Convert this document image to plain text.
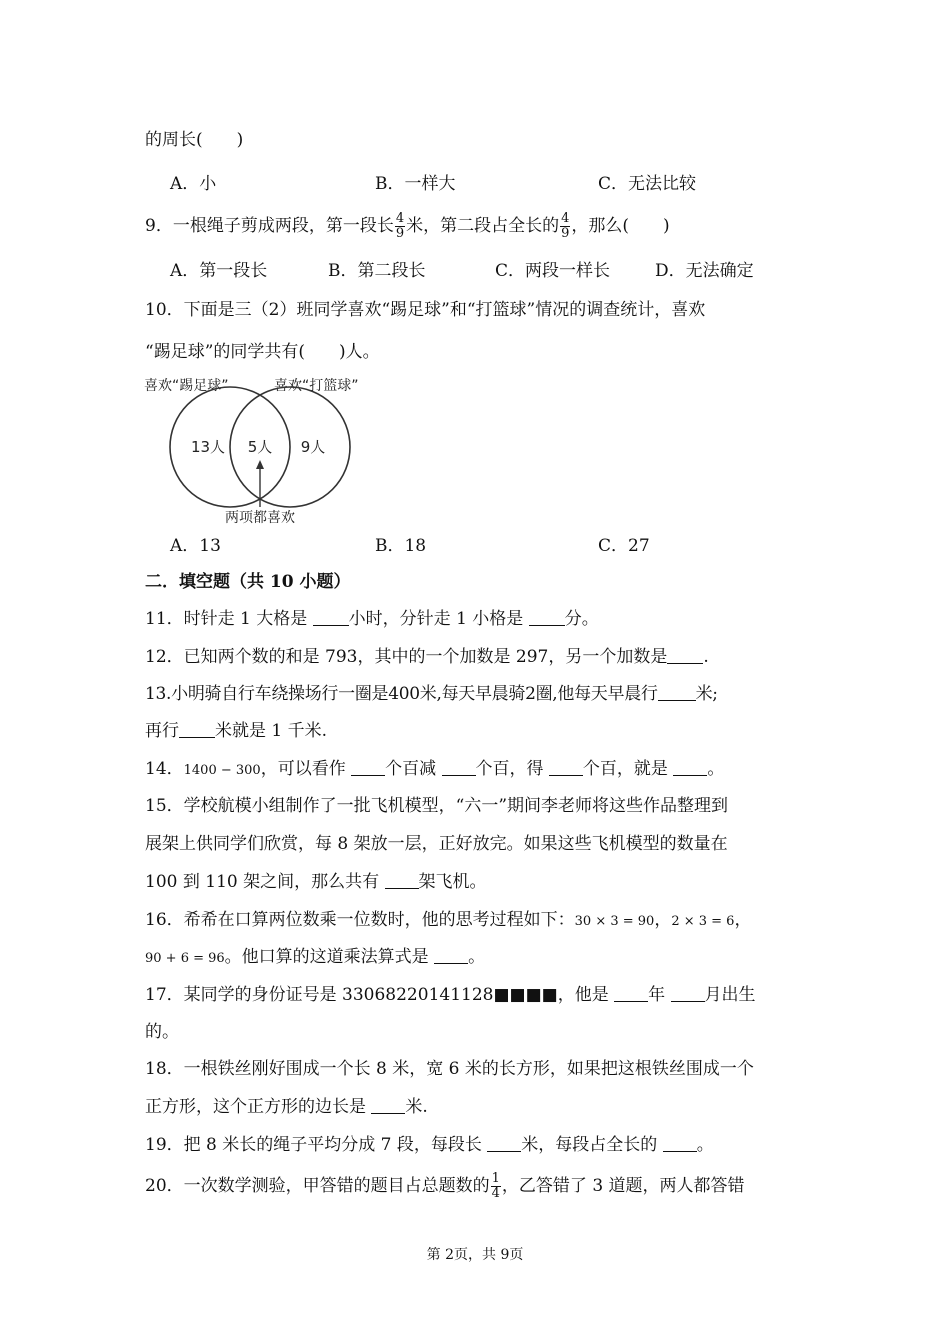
的周长(　　)
A．小	B．一样大	C．无法比较
9．一根绳子剪成两段，第一段长 $\frac{4}{9}$ 米，第二段占全长的 $\frac{4}{9}$ ，那么(　　)
A．第一段长	B．第二段长	C．两段一样长	D．无法确定
10．下面是三（2）班同学喜欢“踢足球”和“打篮球”情况的调查统计，喜欢
“踢足球”的同学共有(　　)人。
喜欢“踢足球”	喜欢“打篮球”
13人 5人 9人
两项都喜欢
A．13	B．18	C．27
二．填空题（共 10 小题）
11．时针走 1 大格是 小时，分针走 1 小格是 分。
12．已知两个数的和是 793，其中的一个加数是 297，另一个加数是 .
13.小明骑自行车绕操场行一圈是400米,每天早晨骑2圈,他每天早晨行 米;
再行 米就是 1 千米.
14．1400 − 300，可以看作 个百减 个百，得 个百，就是 。
15．学校航模小组制作了一批飞机模型，“六一”期间李老师将这些作品整理到
展架上供同学们欣赏，每 8 架放一层，正好放完。如果这些飞机模型的数量在
100 到 110 架之间，那么共有 架飞机。
16．希希在口算两位数乘一位数时，他的思考过程如下：30 × 3 = 90，2 × 3 = 6，
90 + 6 = 96。他口算的这道乘法算式是 。
17．某同学的身份证号是 33068220141128■■■■，他是 年 月出生
的。
18．一根铁丝刚好围成一个长 8 米，宽 6 米的长方形，如果把这根铁丝围成一个
正方形，这个正方形的边长是 米.
19．把 8 米长的绳子平均分成 7 段，每段长 米，每段占全长的 。
20．一次数学测验，甲答错的题目占总题数的 $\frac{1}{4}$ ，乙答错了 3 道题，两人都答错
第 2页，共 9页
